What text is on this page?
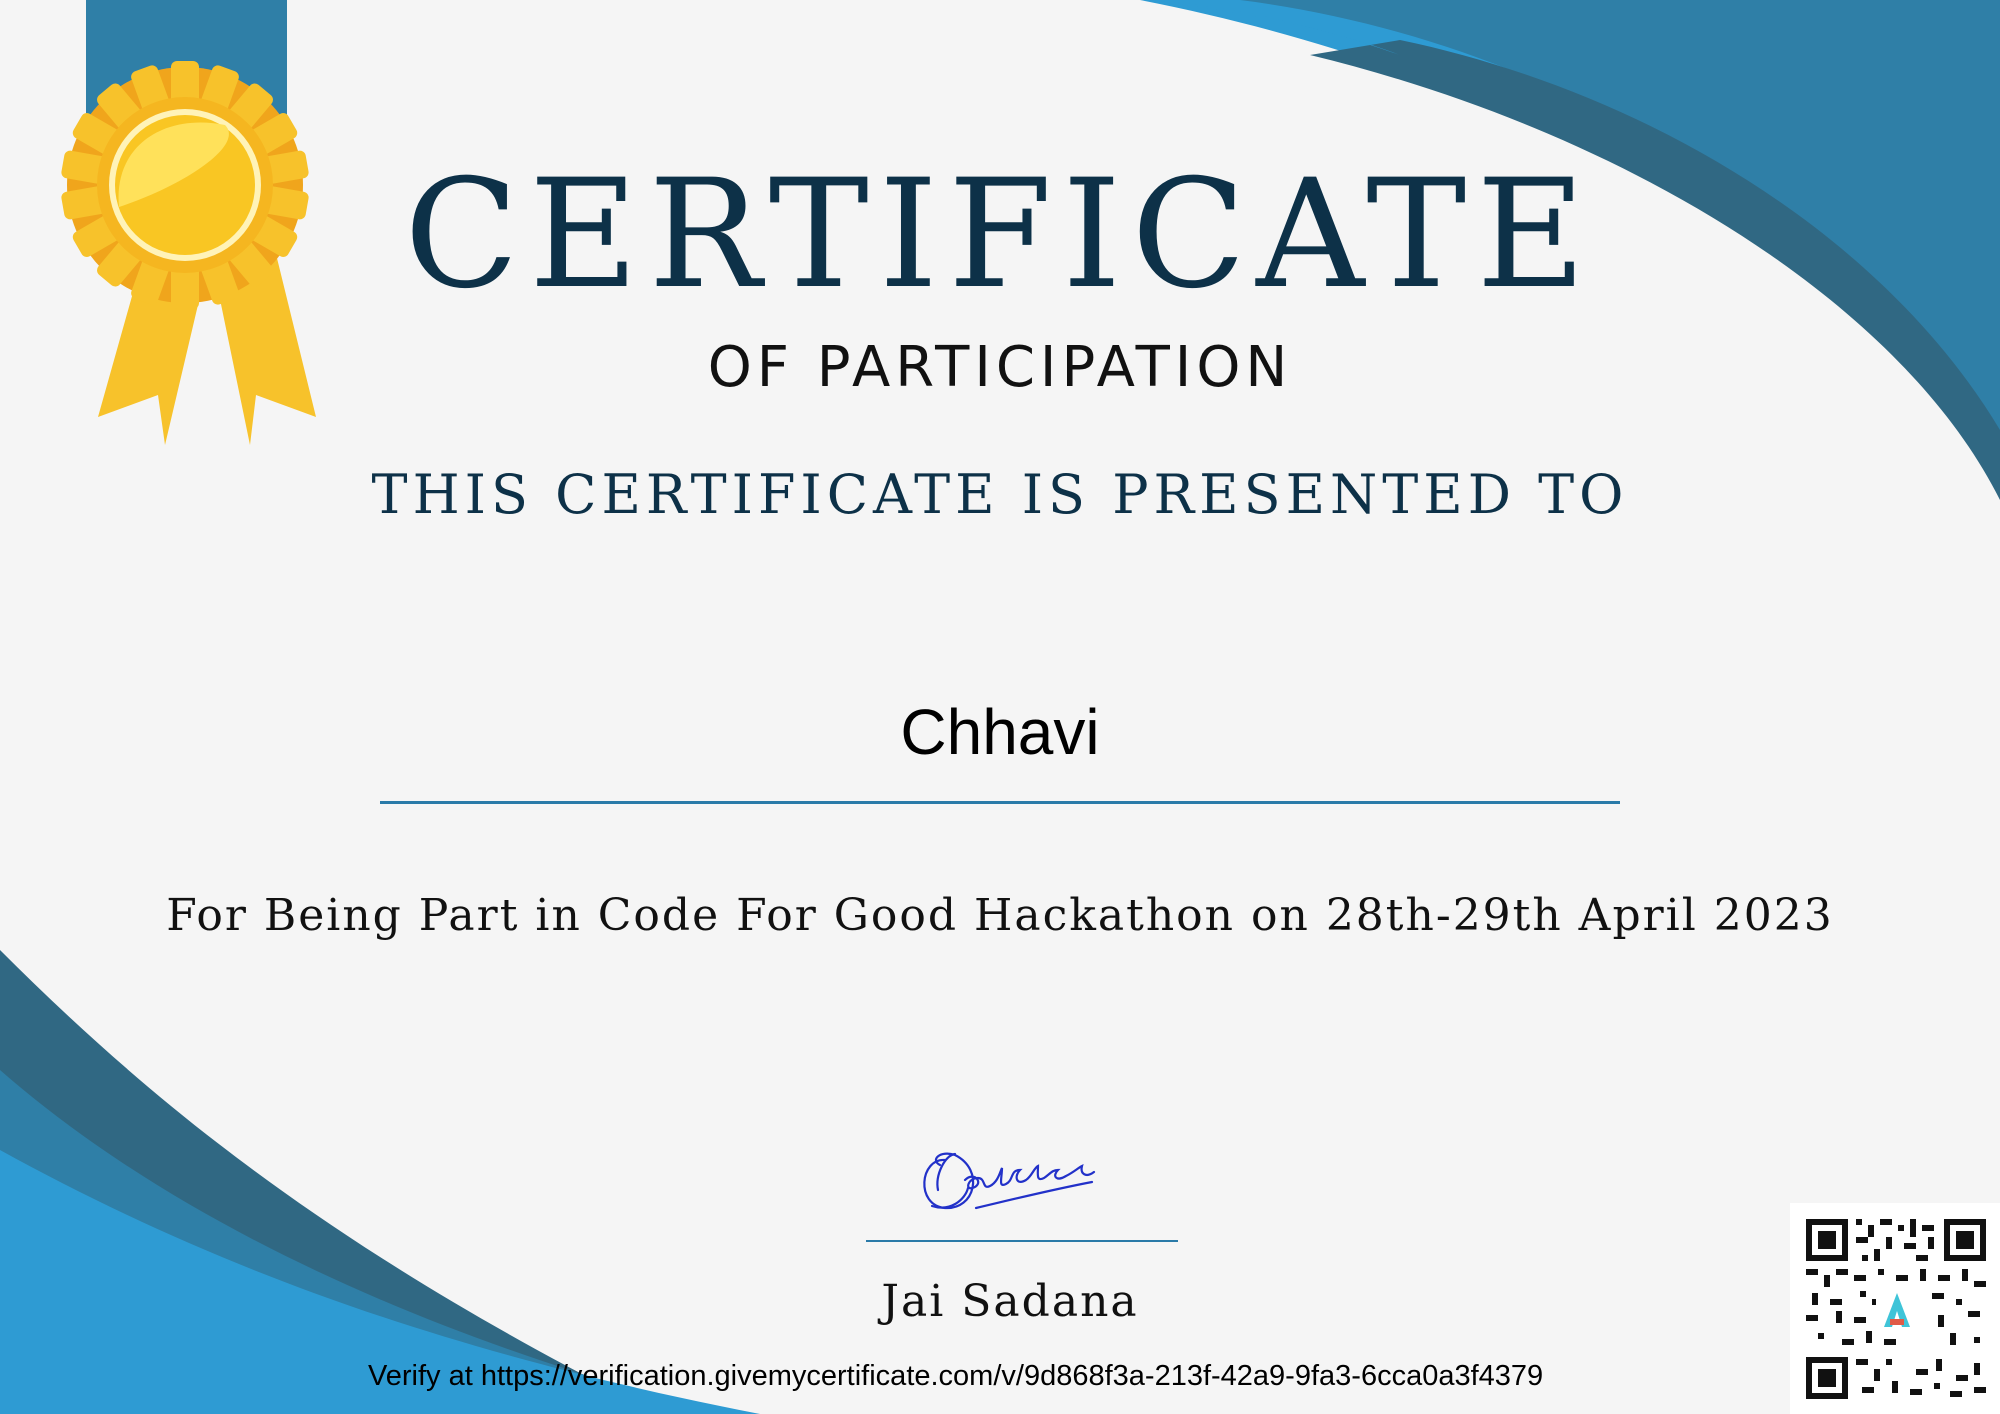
CERTIFICATE
OF PARTICIPATION
THIS CERTIFICATE IS PRESENTED TO
Chhavi
For Being Part in Code For Good Hackathon on 28th-29th April 2023
Jai Sadana
Verify at https://verification.givemycertificate.com/v/9d868f3a-213f-42a9-9fa3-6cca0a3f4379
